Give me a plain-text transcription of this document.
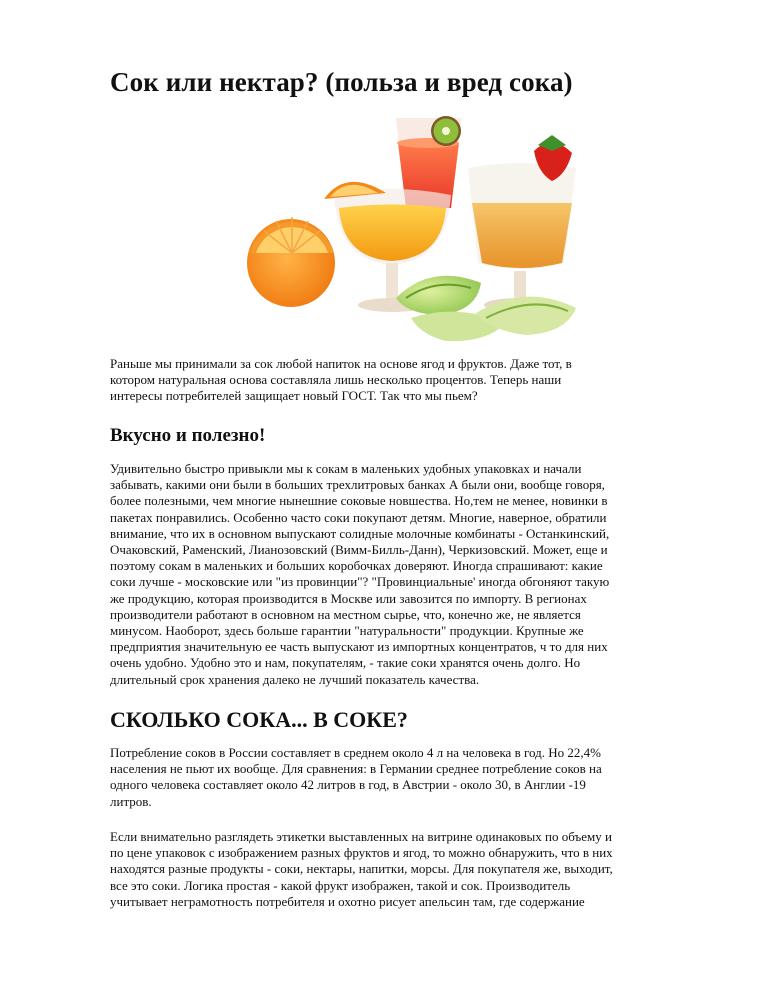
Сок или нектар? (польза и вред сока)

Раньше мы принимали за сок любой напиток на основе ягод и фруктов. Даже тот, в
котором натуральная основа составляла лишь несколько процентов. Теперь наши
интересы потребителей защищает новый ГОСТ. Так что мы пьем?

Вкусно и полезно!

Удивительно быстро привыкли мы к сокам в маленьких удобных упаковках и начали
забывать, какими они были в больших трехлитровых банках А были они, вообще говоря,
более полезными, чем многие нынешние соковые новшества. Но,тем не менее, новинки в
пакетах понравились. Особенно часто соки покупают детям. Многие, наверное, обратили
внимание, что их в основном выпускают солидные молочные комбинаты - Останкинский,
Очаковский, Раменский, Лианозовский (Вимм-Билль-Данн), Черкизовский. Может, еще и
поэтому сокам в маленьких и больших коробочках доверяют. Иногда спрашивают: какие
соки лучше - московские или "из провинции"? "Провинциальные' иногда обгоняют такую
же продукцию, которая производится в Москве или завозится по импорту. В регионах
производители работают в основном на местном сырье, что, конечно же, не является
минусом. Наоборот, здесь больше гарантии "натуральности" продукции. Крупные же
предприятия значительную ее часть выпускают из импортных концентратов, ч то для них
очень удобно. Удобно это и нам, покупателям, - такие соки хранятся очень долго. Но
длительный срок хранения далеко не лучший показатель качества.

СКОЛЬКО СОКА... В СОКЕ?

Потребление соков в России составляет в среднем около 4 л на человека в год. Но 22,4%
населения не пьют их вообще. Для сравнения: в Германии среднее потребление соков на
одного человека составляет около 42 литров в год, в Австрии - около 30, в Англии -19
литров.

Если внимательно разглядеть этикетки выставленных на витрине одинаковых по объему и
по цене упаковок с изображением разных фруктов и ягод, то можно обнаружить, что в них
находятся разные продукты - соки, нектары, напитки, морсы. Для покупателя же, выходит,
все это соки. Логика простая - какой фрукт изображен, такой и сок. Производитель
учитывает неграмотность потребителя и охотно рисует апельсин там, где содержание
